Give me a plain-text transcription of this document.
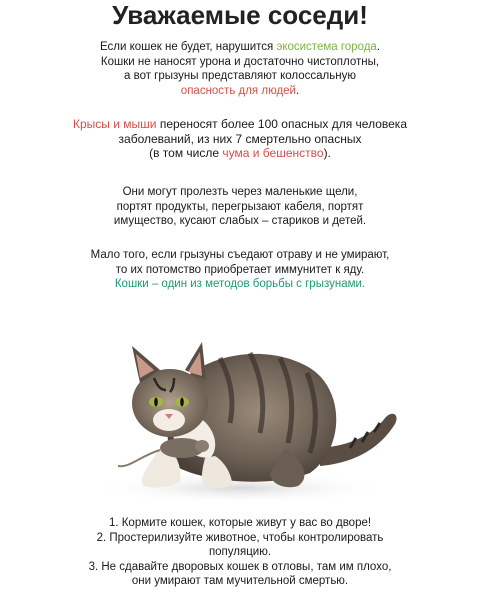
Уважаемые соседи!
Если кошек не будет, нарушится экосистема города.
Кошки не наносят урона и достаточно чистоплотны,
а вот грызуны представляют колоссальную
опасность для людей.
Крысы и мыши переносят более 100 опасных для человека
заболеваний, из них 7 смертельно опасных
(в том числе чума и бешенство).
Они могут пролезть через маленькие щели,
портят продукты, перегрызают кабеля, портят
имущество, кусают слабых – стариков и детей.
Мало того, если грызуны съедают отраву и не умирают,
то их потомство приобретает иммунитет к яду.
Кошки – один из методов борьбы с грызунами.
1. Кормите кошек, которые живут у вас во дворе!
2. Простерилизуйте животное, чтобы контролировать
популяцию.
3. Не сдавайте дворовых кошек в отловы, там им плохо,
они умирают там мучительной смертью.
